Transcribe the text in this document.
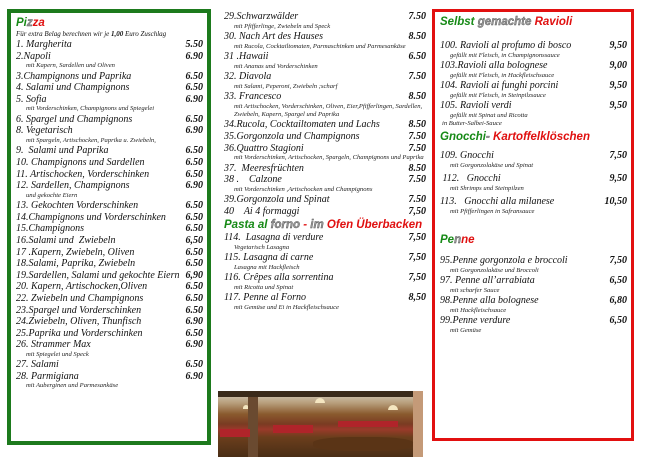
Pizza
Für extra Belag berechnen wir je 1,00 Euro Zuschlag
1. Margherita	5.50
2.Napoli	6.90
mit Kapern, Sardellen und Oliven
3.Champignons und Paprika	6.50
4. Salami und Champignons	6.50
5. Sofia	6.90
mit Vorderschinken, Champignons und Spiegelei
6. Spargel und Champignons	6.50
8. Vegetarisch	6.90
mit Spargeln, Artischocken, Paprika u. Zwiebeln,
9.  Salami und Paprika	6.50
10. Champignons und Sardellen	6.50
11. Artischocken, Vorderschinken	6.50
12. Sardellen, Champignons	6.90
und gekochte Eiern
13. Gekochten Vorderschinken	6.50
14.Champignons und Vorderschinken 6.50
15.Champignons	6.50
16.Salami und  Zwiebeln	6,50
17 .Kapern, Zwiebeln, Oliven	6.50
18.Salami, Paprika, Zwiebeln	6.50
19.Sardellen, Salami und gekochte Eiern 6,90
20. Kapern, Artischocken,Oliven	6.50
22. Zwiebeln und Champignons	6.50
23.Spargel und Vorderschinken	6.50
24.Zwiebeln, Oliven, Thunfisch	6.90
25.Paprika und Vorderschinken	6.50
26. Strammer Max	6.90
mit Spiegelei und Speck
27. Salami	6.50
28. Parmigiana	6.90
mit Auberginen und Parmesankäse
29.Schwarzwälder	7.50
mit Pfifferlinge, Zwiebeln und Speck
30. Nach Art des Hauses	8.50
mit Rucola, Cocktailtomaten, Parmaschinken und Parmesankäse
31 .Hawaii	6.50
mit Ananas und Vorderschinken
32. Diavola	7.50
mit Salami, Peperoni, Zwiebeln ;scharf
33. Francesco	8.50
mit Artischocken, Vorderschinken, Oliven, Eier,Pfifferlingen, Sardellen, Zwiebeln, Kapern, Spargel und Paprika
34.Rucola, Cocktailtomaten und Lachs	8.50
35.Gorgonzola und Champignons	7.50
36.Quattro Stagioni	7.50
mit Vorderschinken, Artischocken, Spargeln, Champignons und Paprika
37.  Meeresfrüchten	8.50
38 .    Calzone	7.50
mit Vorderschinken ,Artischocken und Champignons
39.Gorgonzola und Spinat	7.50
40    Ai 4 formaggi	7,50
Pasta al forno - im Ofen Überbacken
114.  Lasagna di verdure	7,50
Vegetarisch Lasagna
115. Lasagna di carne	7,50
Lasagna mit Hackfleisch
116. Crêpes alla sorrentina	7,50
mit Ricotta und Spinat
117. Penne al Forno	8,50
mit Gemüse und Ei in Hackfleischsauce
Selbst gemachte Ravioli
100. Ravioli al profumo di bosco	9,50
gefüllt mit Fleisch, in Champignonssauce
103.Ravioli alla bolognese	9,00
gefüllt mit Fleisch, in Hackfleischsauce
104. Ravioli ai funghi porcini	9,50
gefüllt mit Fleisch, in Steinpilzsauce
105. Ravioli verdi	9,50
gefüllt mit Spinat und Ricotta
in Butter-Salbei-Sauce
Gnocchi- Kartoffelklöschen
109. Gnocchi	7,50
mit Gorgonzolakäse und Spinat
112.   Gnocchi	9,50
mit Shrimps und Steinpilzen
113.   Gnocchi alla milanese	10,50
mit Pfifferlingen in Safransauce
Penne
95.Penne gorgonzola e broccoli	7,50
mit Gorgonzolakäse und Broccoli
97. Penne all’arrabiata	6,50
mit scharfer Sauce
98.Penne alla bolognese	6,80
mit Hackfleischsauce
99.Penne verdure	6,50
mit Gemüse
